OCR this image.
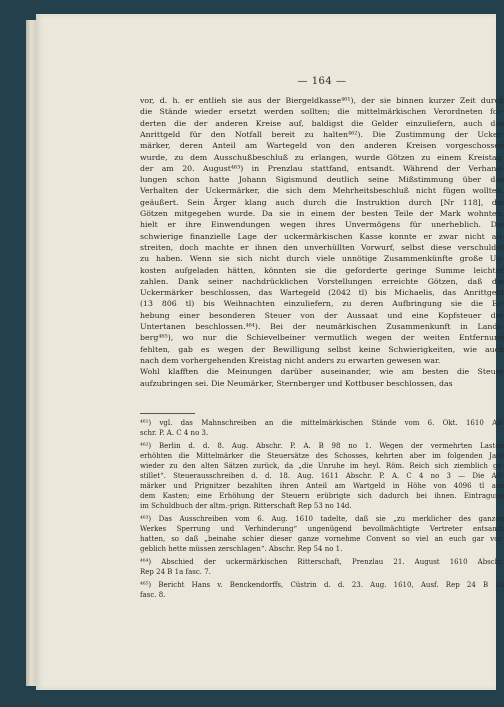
— 164 —
vor, d. h. er entlieh sie aus der Biergeldkasse⁴⁶¹), der sie binnen kurzer Zeit durch
die Stände wieder ersetzt werden sollten; die mittelmärkischen Verordneten for-
derten die der anderen Kreise auf, baldigst die Gelder einzuliefern, auch das
Anrittgeld für den Notfall bereit zu halten⁴⁶²). Die Zustimmung der Ucker-
märker, deren Anteil am Wartegeld von den anderen Kreisen vorgeschossen
wurde, zu dem Ausschußbeschluß zu erlangen, wurde Götzen zu einem Kreistag,
der am 20. August⁴⁶³) in Prenzlau stattfand, entsandt. Während der Verhand-
lungen schon hatte Johann Sigismund deutlich seine Mißstimmung über das
Verhalten der Uckermärker, die sich dem Mehrheitsbeschluß nicht fügen wollten,
geäußert. Sein Ärger klang auch durch die Instruktion durch [Nr 118], die
Götzen mitgegeben wurde. Da sie in einem der besten Teile der Mark wohnten,
hielt er ihre Einwendungen wegen ihres Unvermögens für unerheblich. Die
schwierige finanzielle Lage der uckermärkischen Kasse konnte er zwar nicht ab-
streiten, doch machte er ihnen den unverhüllten Vorwurf, selbst diese verschuldet
zu haben. Wenn sie sich nicht durch viele unnötige Zusammenkünfte große Un-
kosten aufgeladen hätten, könnten sie die geforderte geringe Summe leichter
zahlen. Dank seiner nachdrücklichen Vorstellungen erreichte Götzen, daß die
Uckermärker beschlossen, das Wartegeld (2042 tl) bis Michaelis, das Anrittgeld
(13 806 tl) bis Weihnachten einzuliefern, zu deren Aufbringung sie die Er-
hebung einer besonderen Steuer von der Aussaat und eine Kopfsteuer der
Untertanen beschlossen.⁴⁶⁴). Bei der neumärkischen Zusammenkunft in Lands-
berg⁴⁶⁵), wo nur die Schievelbeiner vermutlich wegen der weiten Entfernung
fehlten, gab es wegen der Bewilligung selbst keine Schwierigkeiten, wie auch
nach dem vorhergehenden Kreistag nicht anders zu erwarten gewesen war.
Wohl klafften die Meinungen darüber auseinander, wie am besten die Steuer
aufzubringen sei. Die Neumärker, Sternberger und Kottbuser beschlossen, das
⁴⁶¹) vgl. das Mahnschreiben an die mittelmärkischen Stände vom 6. Okt. 1610 Ab-
schr. P. A. C 4 no 3.
⁴⁶²) Berlin d. d. 8. Aug. Abschr. P. A. B 98 no 1. Wegen der vermehrten Lasten
erhöhten die Mittelmärker die Steuersätze des Schosses, kehrten aber im folgenden Jahr
wieder zu den alten Sätzen zurück, da „die Unruhe im heyl. Röm. Reich sich ziemblich ge-
stillet“. Steuerausschreiben d. d. 18. Aug. 1611 Abschr. P. A. C 4 no 3 — Die Alt-
märker und Prignitzer bezahlten ihren Anteil am Wartgeld in Höhe von 4096 tl aus
dem Kasten; eine Erhöhung der Steuern erübrigte sich dadurch bei ihnen. Eintragung
im Schuldbuch der altm.-prign. Ritterschaft Rep 53 no 14d.
⁴⁶³) Das Ausschreiben vom 6. Aug. 1610 tadelte, daß sie „zu merklicher des ganzen
Werkes Sperrung und Verhinderung“ ungenügend bevollmächtigte Vertreter entsandt
hatten, so daß „beinahe schier dieser ganze vornehme Convent so viel an euch gar vor-
geblich hette müssen zerschlagen“. Abschr. Rep 54 no 1.
⁴⁶⁴) Abschied der uckermärkischen Ritterschaft, Prenzlau 21. August 1610 Abschr.
Rep 24 B 1a fasc. 7.
⁴⁶⁵) Bericht Hans v. Benckendorffs, Cüstrin d. d. 23. Aug. 1610, Ausf. Rep 24 B 1a
fasc. 8.
